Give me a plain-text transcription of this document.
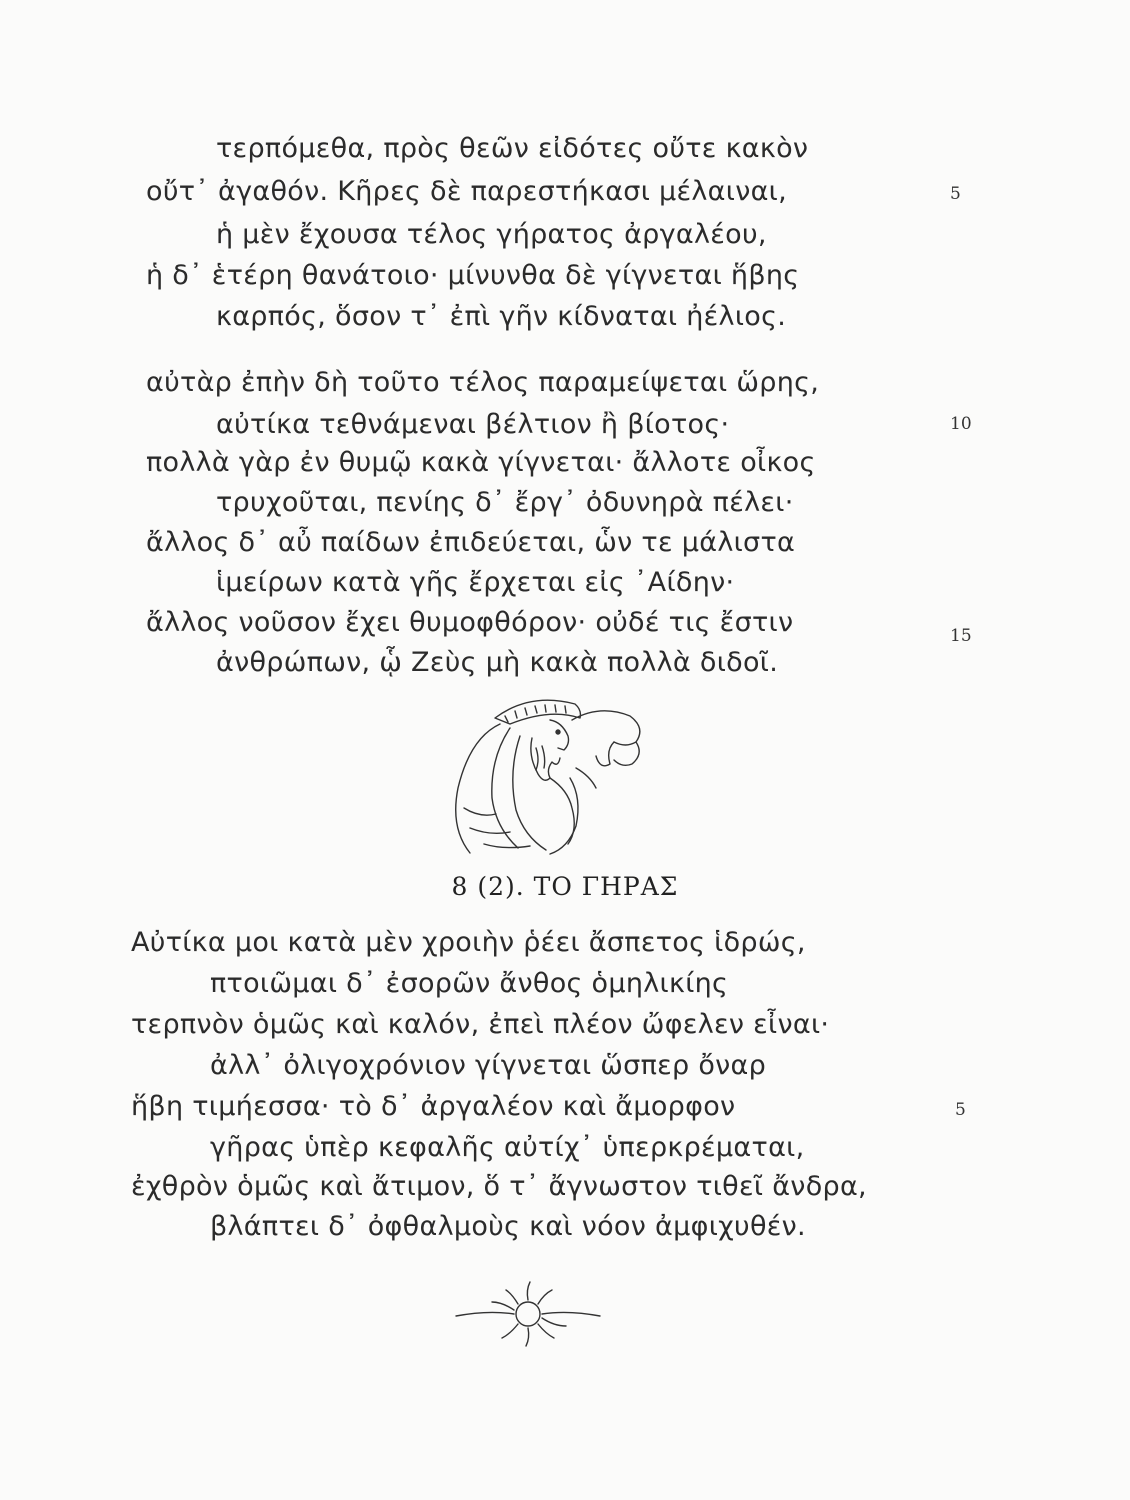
τερπόμεθα, πρὸς θεῶν εἰδότες οὔτε κακὸν
οὔτ᾽ ἀγαθόν. Κῆρες δὲ παρεστήκασι μέλαιναι,	5
ἡ μὲν ἔχουσα τέλος γήρατος ἀργαλέου,
ἡ δ᾽ ἑτέρη θανάτοιο· μίνυνθα δὲ γίγνεται ἥβης
καρπός, ὅσον τ᾽ ἐπὶ γῆν κίδναται ἠέλιος.
αὐτὰρ ἐπὴν δὴ τοῦτο τέλος παραμείψεται ὥρης,
αὐτίκα τεθνάμεναι βέλτιον ἢ βίοτος·	10
πολλὰ γὰρ ἐν θυμῷ κακὰ γίγνεται· ἄλλοτε οἶκος
τρυχοῦται, πενίης δ᾽ ἔργ᾽ ὀδυνηρὰ πέλει·
ἄλλος δ᾽ αὖ παίδων ἐπιδεύεται, ὧν τε μάλιστα
ἱμείρων κατὰ γῆς ἔρχεται εἰς ᾽Αίδην·
ἄλλος νοῦσον ἔχει θυμοφθόρον· οὐδέ τις ἔστιν	15
ἀνθρώπων, ᾧ Ζεὺς μὴ κακὰ πολλὰ διδοῖ.
8 (2). ΤΟ ΓΗΡΑΣ
Αὐτίκα μοι κατὰ μὲν χροιὴν ῥέει ἄσπετος ἱδρώς,
πτοιῶμαι δ᾽ ἐσορῶν ἄνθος ὁμηλικίης
τερπνὸν ὁμῶς καὶ καλόν, ἐπεὶ πλέον ὤφελεν εἶναι·
ἀλλ᾽ ὀλιγοχρόνιον γίγνεται ὥσπερ ὄναρ
ἥβη τιμήεσσα· τὸ δ᾽ ἀργαλέον καὶ ἄμορφον	5
γῆρας ὑπὲρ κεφαλῆς αὐτίχ᾽ ὑπερκρέμαται,
ἐχθρὸν ὁμῶς καὶ ἄτιμον, ὅ τ᾽ ἄγνωστον τιθεῖ ἄνδρα,
βλάπτει δ᾽ ὀφθαλμοὺς καὶ νόον ἀμφιχυθέν.
